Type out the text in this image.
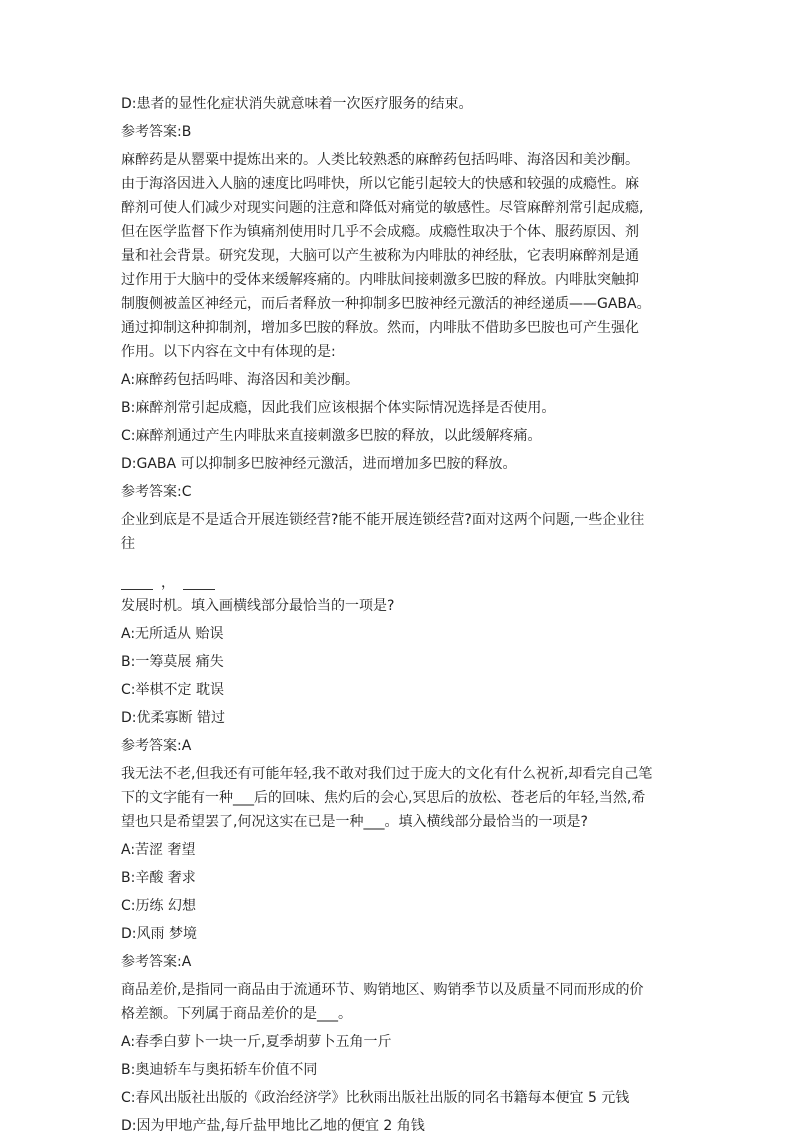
D:患者的显性化症状消失就意味着一次医疗服务的结束。

参考答案:B

麻醉药是从罂粟中提炼出来的。人类比较熟悉的麻醉药包括吗啡、海洛因和美沙酮。

由于海洛因进入人脑的速度比吗啡快，所以它能引起较大的快感和较强的成瘾性。麻

醉剂可使人们减少对现实问题的注意和降低对痛觉的敏感性。尽管麻醉剂常引起成瘾,

但在医学监督下作为镇痛剂使用时几乎不会成瘾。成瘾性取决于个体、服药原因、剂

量和社会背景。研究发现，大脑可以产生被称为内啡肽的神经肽，它表明麻醉剂是通

过作用于大脑中的受体来缓解疼痛的。内啡肽间接刺激多巴胺的释放。内啡肽突触抑

制腹侧被盖区神经元，而后者释放一种抑制多巴胺神经元激活的神经递质——GABA。

通过抑制这种抑制剂，增加多巴胺的释放。然而，内啡肽不借助多巴胺也可产生强化

作用。以下内容在文中有体现的是:

A:麻醉药包括吗啡、海洛因和美沙酮。

B:麻醉剂常引起成瘾，因此我们应该根据个体实际情况选择是否使用。

C:麻醉剂通过产生内啡肽来直接刺激多巴胺的释放，以此缓解疼痛。

D:GABA 可以抑制多巴胺神经元激活，进而增加多巴胺的释放。

参考答案:C

企业到底是不是适合开展连锁经营?能不能开展连锁经营?面对这两个问题,一些企业往

往

，

发展时机。填入画横线部分最恰当的一项是?

A:无所适从 贻误

B:一筹莫展 痛失

C:举棋不定 耽误

D:优柔寡断 错过

参考答案:A

我无法不老,但我还有可能年轻,我不敢对我们过于庞大的文化有什么祝祈,却看完自己笔

下的文字能有一种___后的回味、焦灼后的会心,冥思后的放松、苍老后的年轻,当然,希

望也只是希望罢了,何况这实在已是一种___。填入横线部分最恰当的一项是?

A:苦涩 奢望

B:辛酸 奢求

C:历练 幻想

D:风雨 梦境

参考答案:A

商品差价,是指同一商品由于流通环节、购销地区、购销季节以及质量不同而形成的价

格差额。下列属于商品差价的是___。

A:春季白萝卜一块一斤,夏季胡萝卜五角一斤

B:奥迪轿车与奥拓轿车价值不同

C:春风出版社出版的《政治经济学》比秋雨出版社出版的同名书籍每本便宜 5 元钱

D:因为甲地产盐,每斤盐甲地比乙地的便宜 2 角钱
